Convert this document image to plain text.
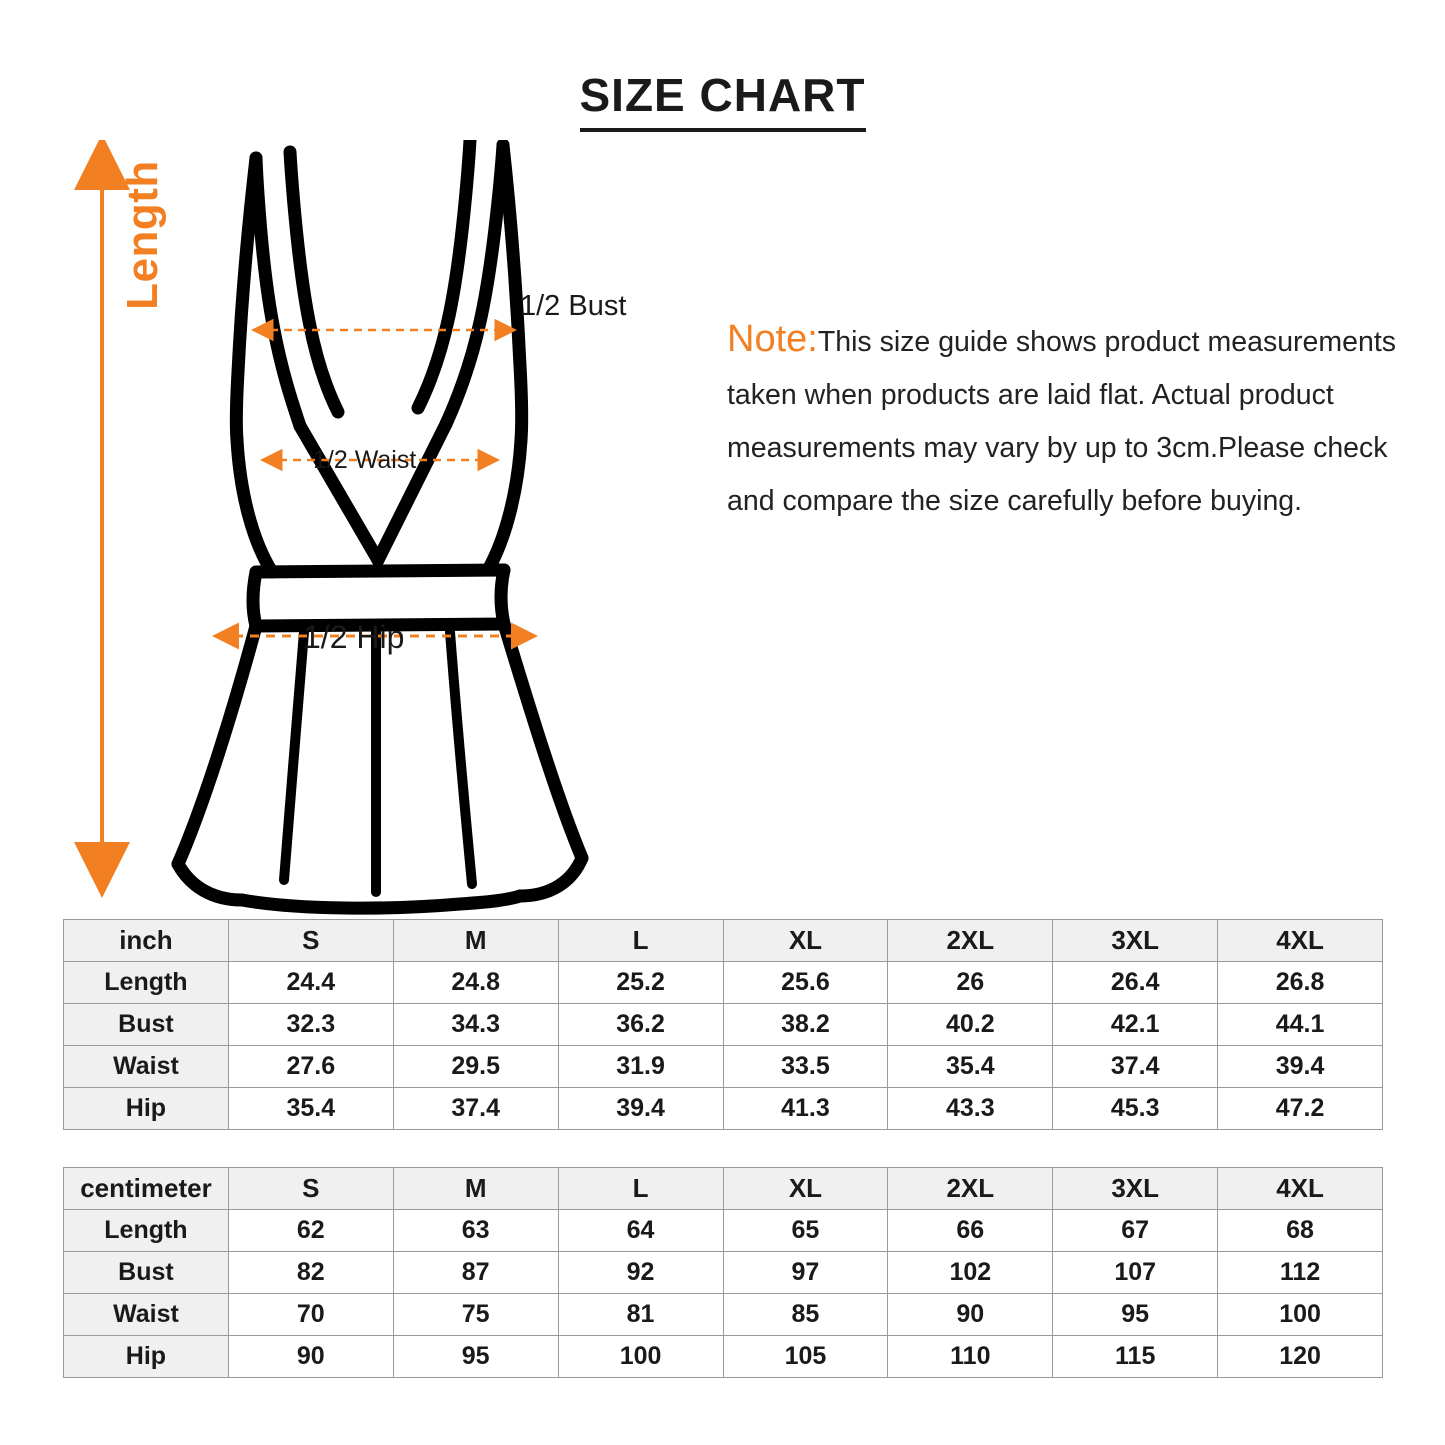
SIZE CHART
Length	1/2 Bust
1/2 Waist
1/2 Hip
Note:This size guide shows product measurements taken when products are laid flat. Actual product measurements may vary by up to 3cm.Please check and compare the size carefully before buying.
inch	S	M	L	XL	2XL	3XL	4XL
Length	24.4	24.8	25.2	25.6	26	26.4	26.8
Bust	32.3	34.3	36.2	38.2	40.2	42.1	44.1
Waist	27.6	29.5	31.9	33.5	35.4	37.4	39.4
Hip	35.4	37.4	39.4	41.3	43.3	45.3	47.2
centimeter	S	M	L	XL	2XL	3XL	4XL
Length	62	63	64	65	66	67	68
Bust	82	87	92	97	102	107	112
Waist	70	75	81	85	90	95	100
Hip	90	95	100	105	110	115	120
